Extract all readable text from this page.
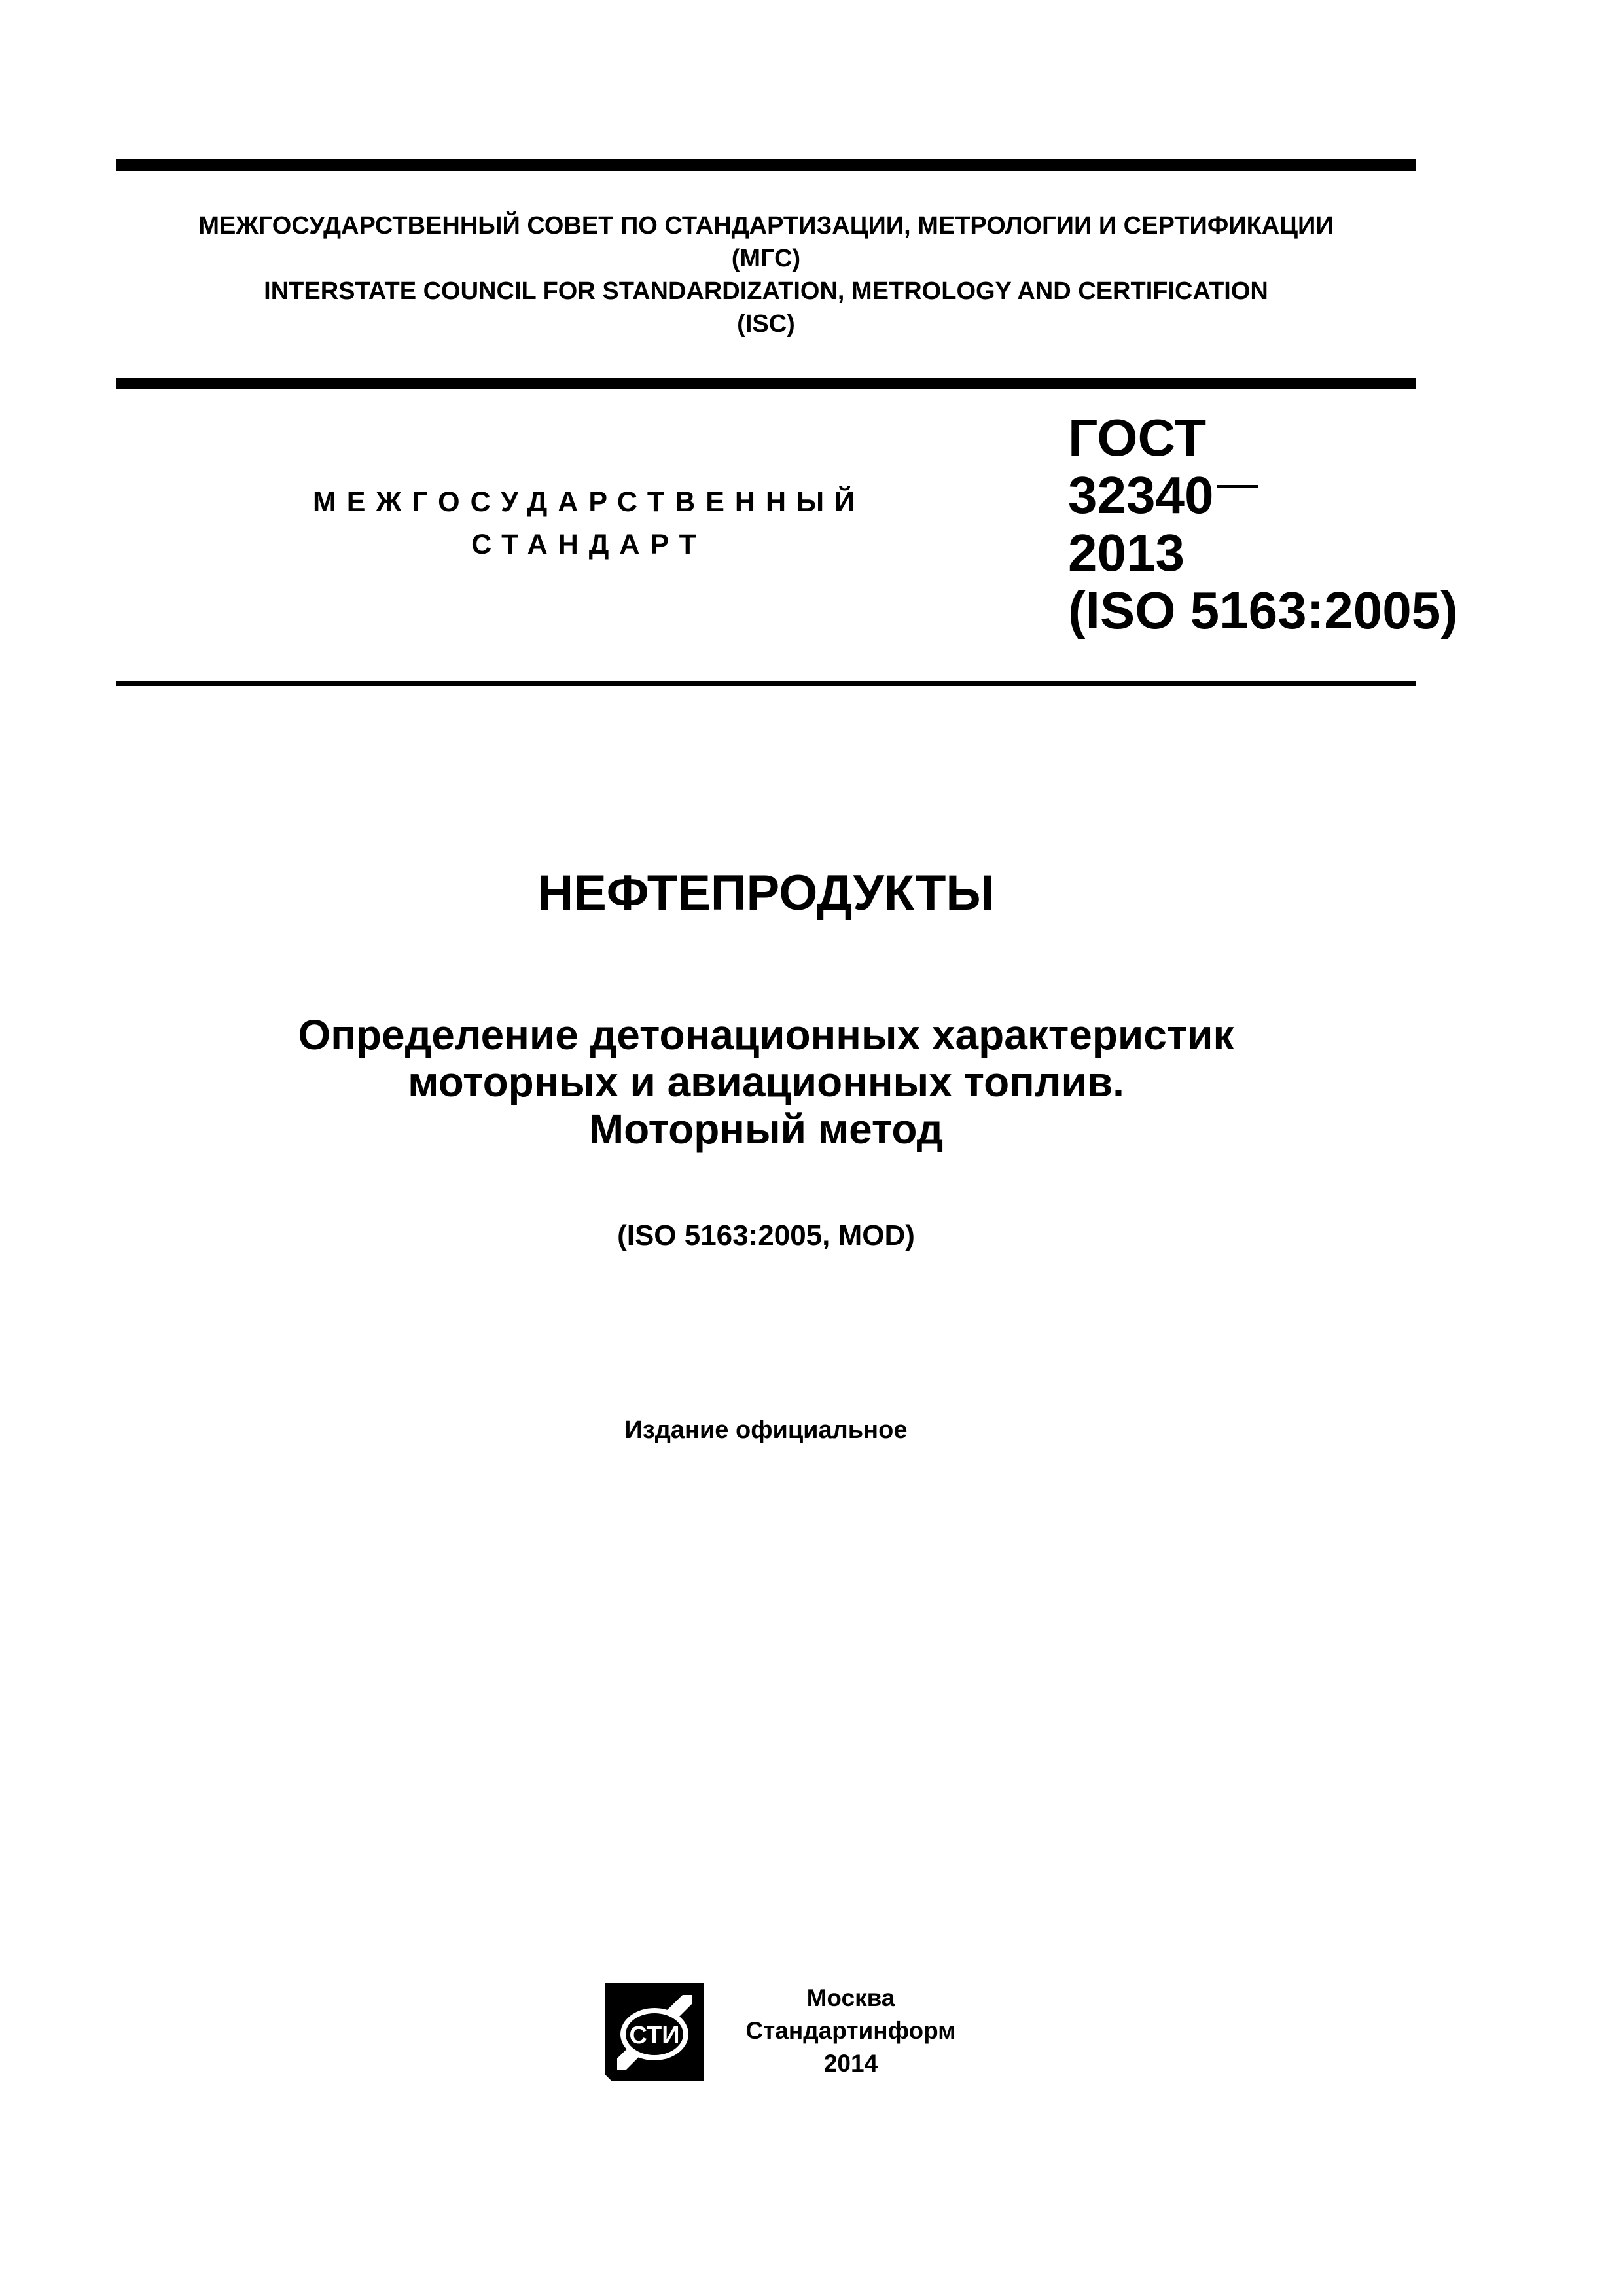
МЕЖГОСУДАРСТВЕННЫЙ СОВЕТ ПО СТАНДАРТИЗАЦИИ, МЕТРОЛОГИИ И СЕРТИФИКАЦИИ
(МГС)
INTERSTATE COUNCIL FOR STANDARDIZATION, METROLOGY AND CERTIFICATION
(ISC)
МЕЖГОСУДАРСТВЕННЫЙ
СТАНДАРТ
ГОСТ
32340
2013
(ISO 5163:2005)
НЕФТЕПРОДУКТЫ
Определение детонационных характеристик
моторных и авиационных топлив.
Моторный метод
(ISO 5163:2005, MOD)
Издание официальное
СТИ
Москва
Стандартинформ
2014
